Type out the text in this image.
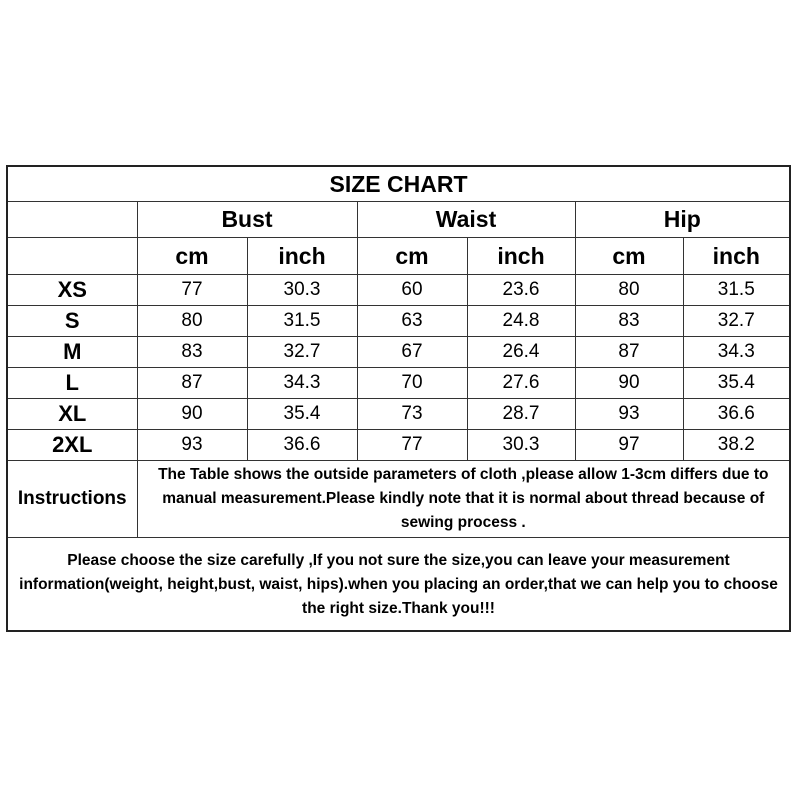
SIZE CHART						
	Bust		Waist		Hip	
	cm	inch	cm	inch	cm	inch
XS	77	30.3	60	23.6	80	31.5
S	80	31.5	63	24.8	83	32.7
M	83	32.7	67	26.4	87	34.3
L	87	34.3	70	27.6	90	35.4
XL	90	35.4	73	28.7	93	36.6
2XL	93	36.6	77	30.3	97	38.2
Instructions	The Table shows the outside parameters of cloth ,please allow 1-3cm differs due to manual measurement.Please kindly note that it is normal about thread because of sewing process .					
Please choose the size carefully ,If you not sure the size,you can leave your measurement information(weight, height,bust, waist, hips).when you placing an order,that we can help you to choose the right size.Thank you!!!
